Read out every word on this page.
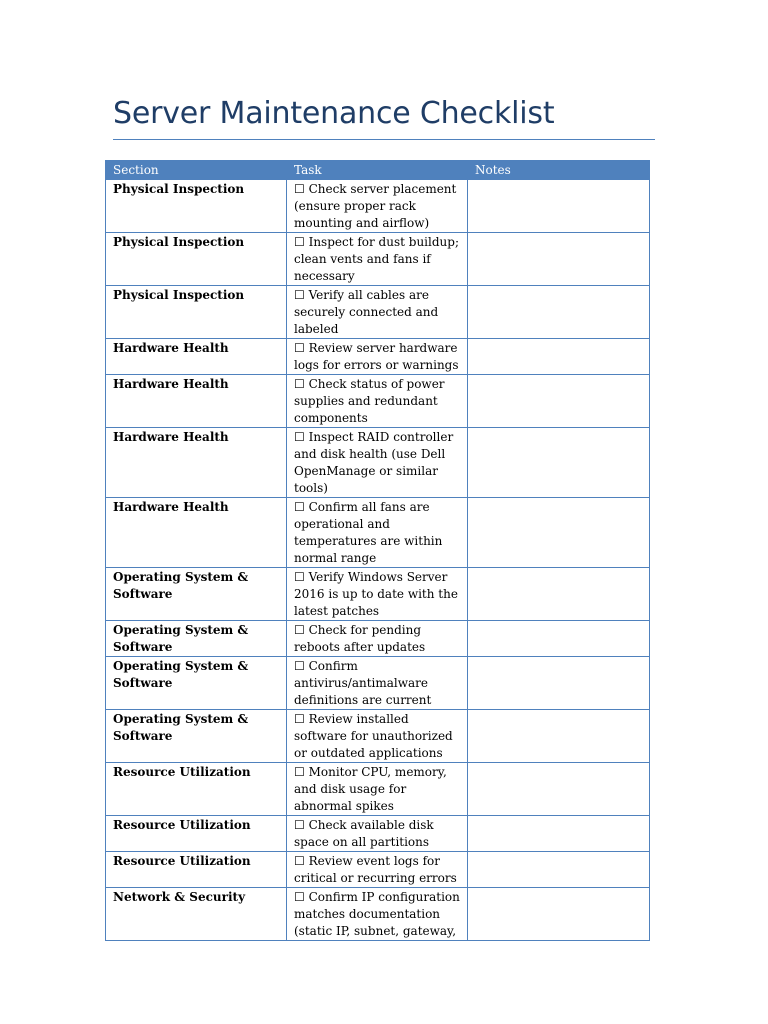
Server Maintenance Checklist
Section	Task	Notes
Physical Inspection	☐ Check server placement (ensure proper rack mounting and airflow)	
Physical Inspection	☐ Inspect for dust buildup; clean vents and fans if necessary	
Physical Inspection	☐ Verify all cables are securely connected and labeled	
Hardware Health	☐ Review server hardware logs for errors or warnings	
Hardware Health	☐ Check status of power supplies and redundant components	
Hardware Health	☐ Inspect RAID controller and disk health (use Dell OpenManage or similar tools)	
Hardware Health	☐ Confirm all fans are operational and temperatures are within normal range	
Operating System & Software	☐ Verify Windows Server 2016 is up to date with the latest patches	
Operating System & Software	☐ Check for pending reboots after updates	
Operating System & Software	☐ Confirm antivirus/antimalware definitions are current	
Operating System & Software	☐ Review installed software for unauthorized or outdated applications	
Resource Utilization	☐ Monitor CPU, memory, and disk usage for abnormal spikes	
Resource Utilization	☐ Check available disk space on all partitions	
Resource Utilization	☐ Review event logs for critical or recurring errors	
Network & Security	☐ Confirm IP configuration matches documentation (static IP, subnet, gateway,	
